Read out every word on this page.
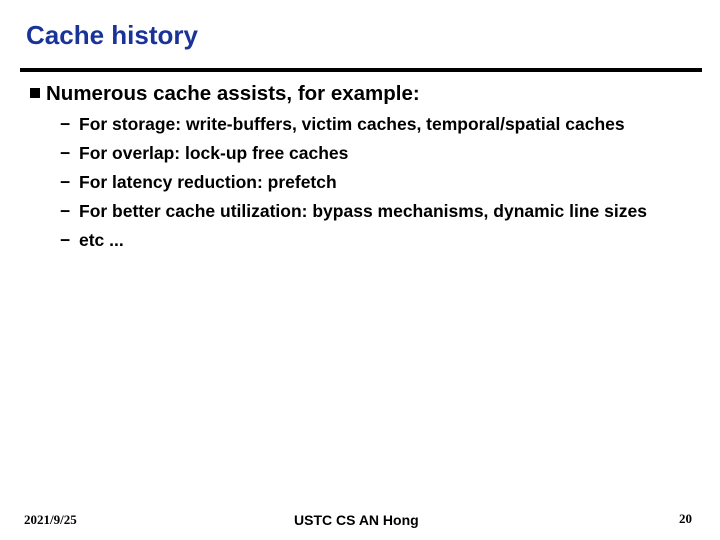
Cache history
Numerous cache assists, for example:
− For storage: write-buffers, victim caches, temporal/spatial caches
− For overlap: lock-up free caches
− For latency reduction: prefetch
− For better cache utilization: bypass mechanisms, dynamic line sizes
− etc ...
2021/9/25	USTC CS AN Hong	20
